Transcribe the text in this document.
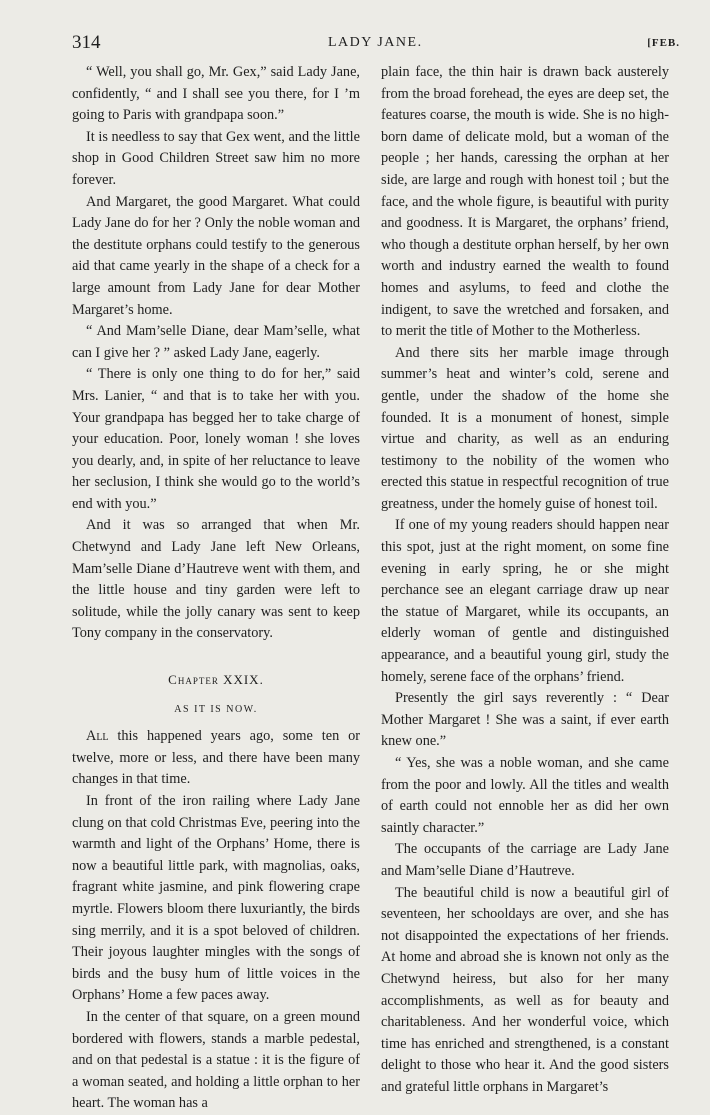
314	LADY JANE.	[FEB.

“ Well, you shall go, Mr. Gex,” said Lady Jane, confidently, “ and I shall see you there, for I ’m going to Paris with grandpapa soon.”

It is needless to say that Gex went, and the little shop in Good Children Street saw him no more forever.

And Margaret, the good Margaret. What could Lady Jane do for her ? Only the noble woman and the destitute orphans could testify to the generous aid that came yearly in the shape of a check for a large amount from Lady Jane for dear Mother Margaret’s home.

“ And Mam’selle Diane, dear Mam’selle, what can I give her ? ” asked Lady Jane, eagerly.

“ There is only one thing to do for her,” said Mrs. Lanier, “ and that is to take her with you. Your grandpapa has begged her to take charge of your education. Poor, lonely woman ! she loves you dearly, and, in spite of her reluctance to leave her seclusion, I think she would go to the world’s end with you.”

And it was so arranged that when Mr. Chetwynd and Lady Jane left New Orleans, Mam’selle Diane d’Hautreve went with them, and the little house and tiny garden were left to solitude, while the jolly canary was sent to keep Tony company in the conservatory.

Chapter XXIX.
AS IT IS NOW.

All this happened years ago, some ten or twelve, more or less, and there have been many changes in that time.

In front of the iron railing where Lady Jane clung on that cold Christmas Eve, peering into the warmth and light of the Orphans’ Home, there is now a beautiful little park, with magnolias, oaks, fragrant white jasmine, and pink flowering crape myrtle. Flowers bloom there luxuriantly, the birds sing merrily, and it is a spot beloved of children. Their joyous laughter mingles with the songs of birds and the busy hum of little voices in the Orphans’ Home a few paces away.

In the center of that square, on a green mound bordered with flowers, stands a marble pedestal, and on that pedestal is a statue : it is the figure of a woman seated, and holding a little orphan to her heart. The woman has a

plain face, the thin hair is drawn back austerely from the broad forehead, the eyes are deep set, the features coarse, the mouth is wide. She is no high-born dame of delicate mold, but a woman of the people ; her hands, caressing the orphan at her side, are large and rough with honest toil ; but the face, and the whole figure, is beautiful with purity and goodness. It is Margaret, the orphans’ friend, who though a destitute orphan herself, by her own worth and industry earned the wealth to found homes and asylums, to feed and clothe the indigent, to save the wretched and forsaken, and to merit the title of Mother to the Motherless.

And there sits her marble image through summer’s heat and winter’s cold, serene and gentle, under the shadow of the home she founded. It is a monument of honest, simple virtue and charity, as well as an enduring testimony to the nobility of the women who erected this statue in respectful recognition of true greatness, under the homely guise of honest toil.

If one of my young readers should happen near this spot, just at the right moment, on some fine evening in early spring, he or she might perchance see an elegant carriage draw up near the statue of Margaret, while its occupants, an elderly woman of gentle and distinguished appearance, and a beautiful young girl, study the homely, serene face of the orphans’ friend.

Presently the girl says reverently : “ Dear Mother Margaret ! She was a saint, if ever earth knew one.”

“ Yes, she was a noble woman, and she came from the poor and lowly. All the titles and wealth of earth could not ennoble her as did her own saintly character.”

The occupants of the carriage are Lady Jane and Mam’selle Diane d’Hautreve.

The beautiful child is now a beautiful girl of seventeen, her schooldays are over, and she has not disappointed the expectations of her friends. At home and abroad she is known not only as the Chetwynd heiress, but also for her many accomplishments, as well as for beauty and charitableness. And her wonderful voice, which time has enriched and strengthened, is a constant delight to those who hear it. And the good sisters and grateful little orphans in Margaret’s
